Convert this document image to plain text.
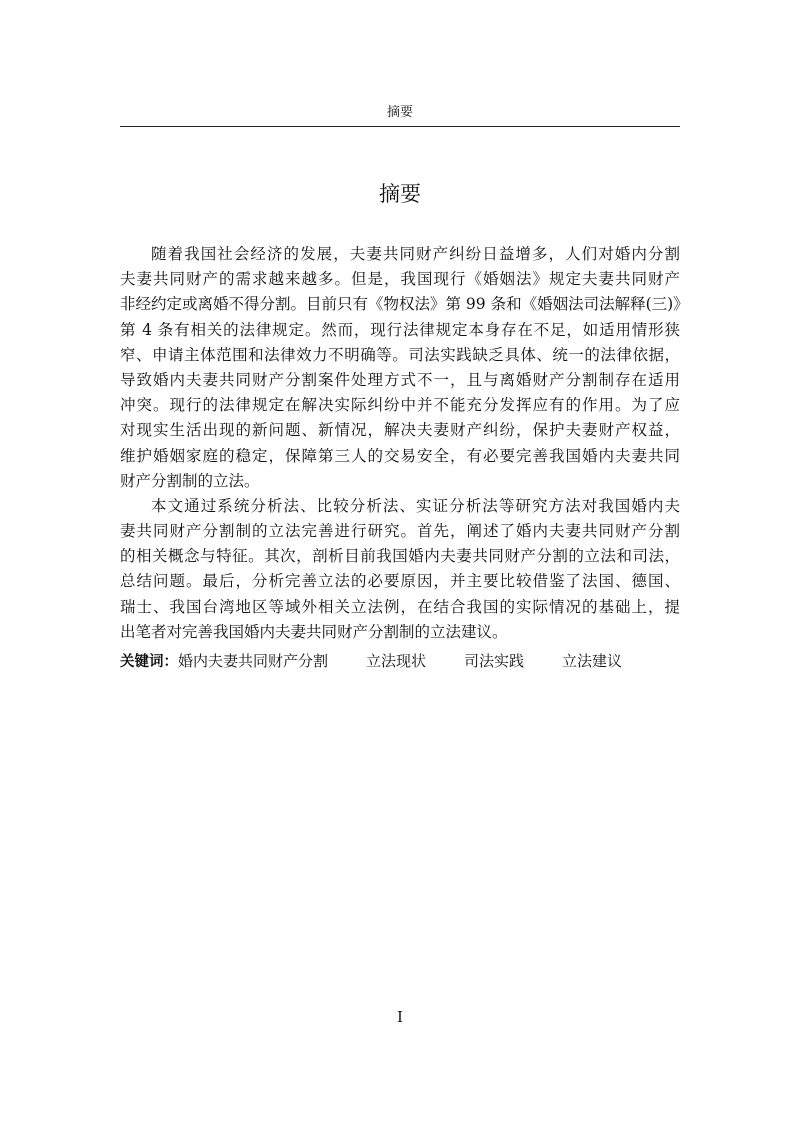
摘要
摘要
随着我国社会经济的发展，夫妻共同财产纠纷日益增多，人们对婚内分割
夫妻共同财产的需求越来越多。但是，我国现行《婚姻法》规定夫妻共同财产
非经约定或离婚不得分割。目前只有《物权法》第 99 条和《婚姻法司法解释(三)》
第 4 条有相关的法律规定。然而，现行法律规定本身存在不足，如适用情形狭
窄、申请主体范围和法律效力不明确等。司法实践缺乏具体、统一的法律依据，
导致婚内夫妻共同财产分割案件处理方式不一，且与离婚财产分割制存在适用
冲突。现行的法律规定在解决实际纠纷中并不能充分发挥应有的作用。为了应
对现实生活出现的新问题、新情况，解决夫妻财产纠纷，保护夫妻财产权益，
维护婚姻家庭的稳定，保障第三人的交易安全，有必要完善我国婚内夫妻共同
财产分割制的立法。
本文通过系统分析法、比较分析法、实证分析法等研究方法对我国婚内夫
妻共同财产分割制的立法完善进行研究。首先，阐述了婚内夫妻共同财产分割
的相关概念与特征。其次，剖析目前我国婚内夫妻共同财产分割的立法和司法，
总结问题。最后，分析完善立法的必要原因，并主要比较借鉴了法国、德国、
瑞士、我国台湾地区等域外相关立法例，在结合我国的实际情况的基础上，提
出笔者对完善我国婚内夫妻共同财产分割制的立法建议。
关键词：婚内夫妻共同财产分割	立法现状	司法实践	立法建议
I
